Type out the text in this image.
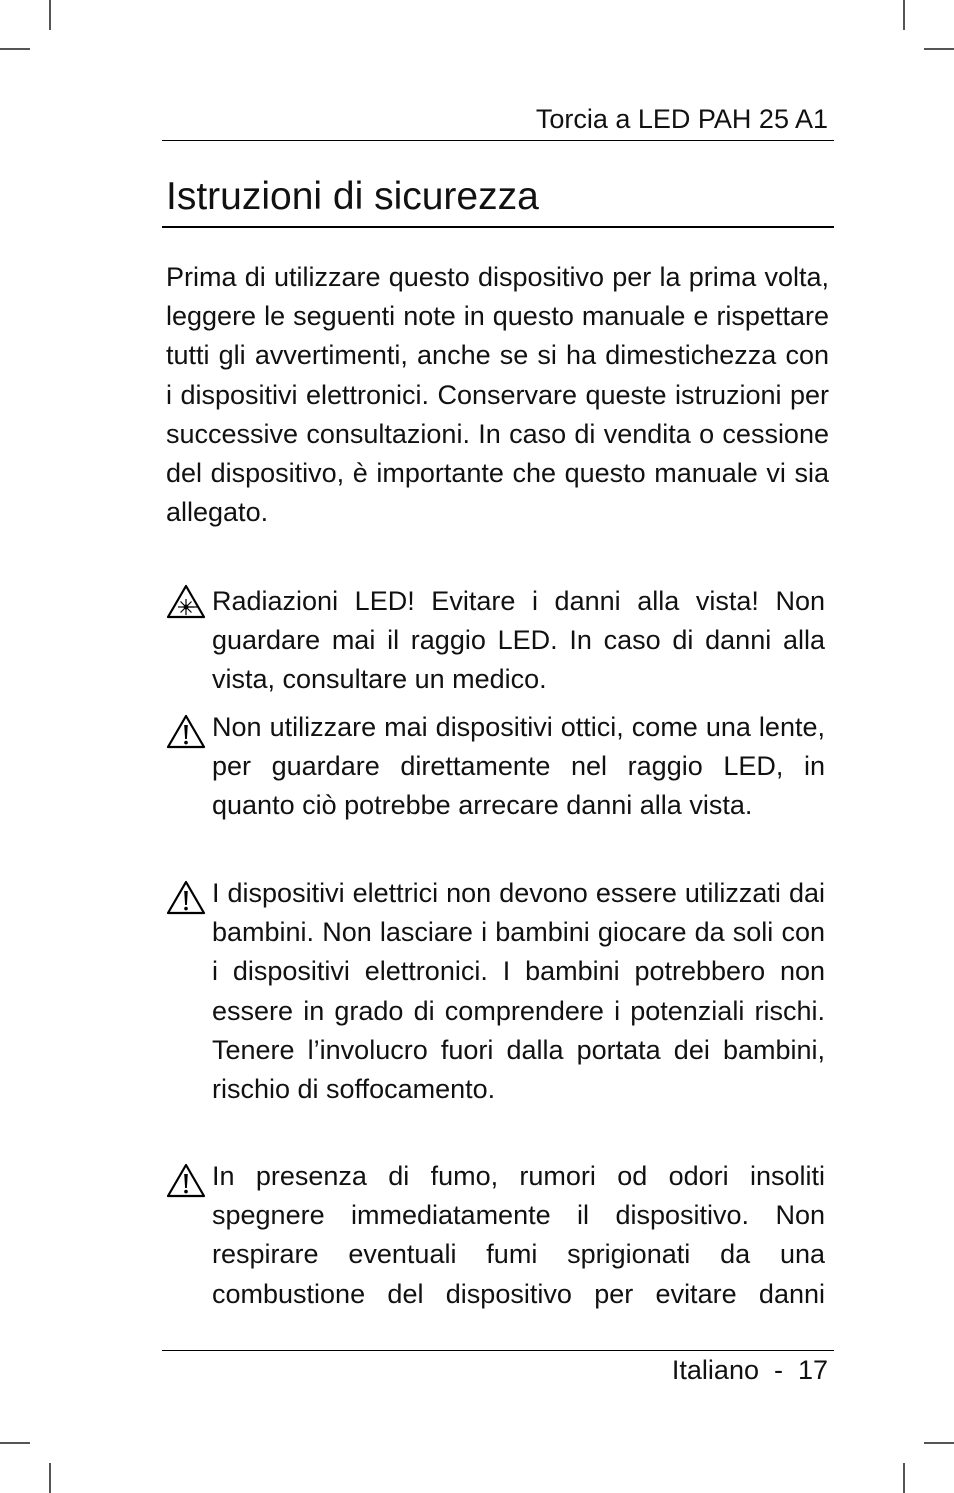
Torcia a LED PAH 25 A1
Istruzioni di sicurezza

Prima di utilizzare questo dispositivo per la prima volta, leggere le seguenti note in questo manuale e rispettare tutti gli avvertimenti, anche se si ha dimestichezza con i dispositivi elettronici. Conservare queste istruzioni per successive consultazioni. In caso di vendita o cessione del dispositivo, è importante che questo manuale vi sia allegato.

Radiazioni LED! Evitare i danni alla vista! Non guardare mai il raggio LED. In caso di danni alla vista, consultare un medico.

Non utilizzare mai dispositivi ottici, come una lente, per guardare direttamente nel raggio LED, in quanto ciò potrebbe arrecare danni alla vista.

I dispositivi elettrici non devono essere utilizzati dai bambini. Non lasciare i bambini giocare da soli con i dispositivi elettronici. I bambini potrebbero non essere in grado di comprendere i potenziali rischi. Tenere l’involucro fuori dalla portata dei bambini, rischio di soffocamento.

In presenza di fumo, rumori od odori insoliti spegnere immediatamente il dispositivo. Non respirare eventuali fumi sprigionati da una combustione del dispositivo per evitare danni

Italiano  -  17
